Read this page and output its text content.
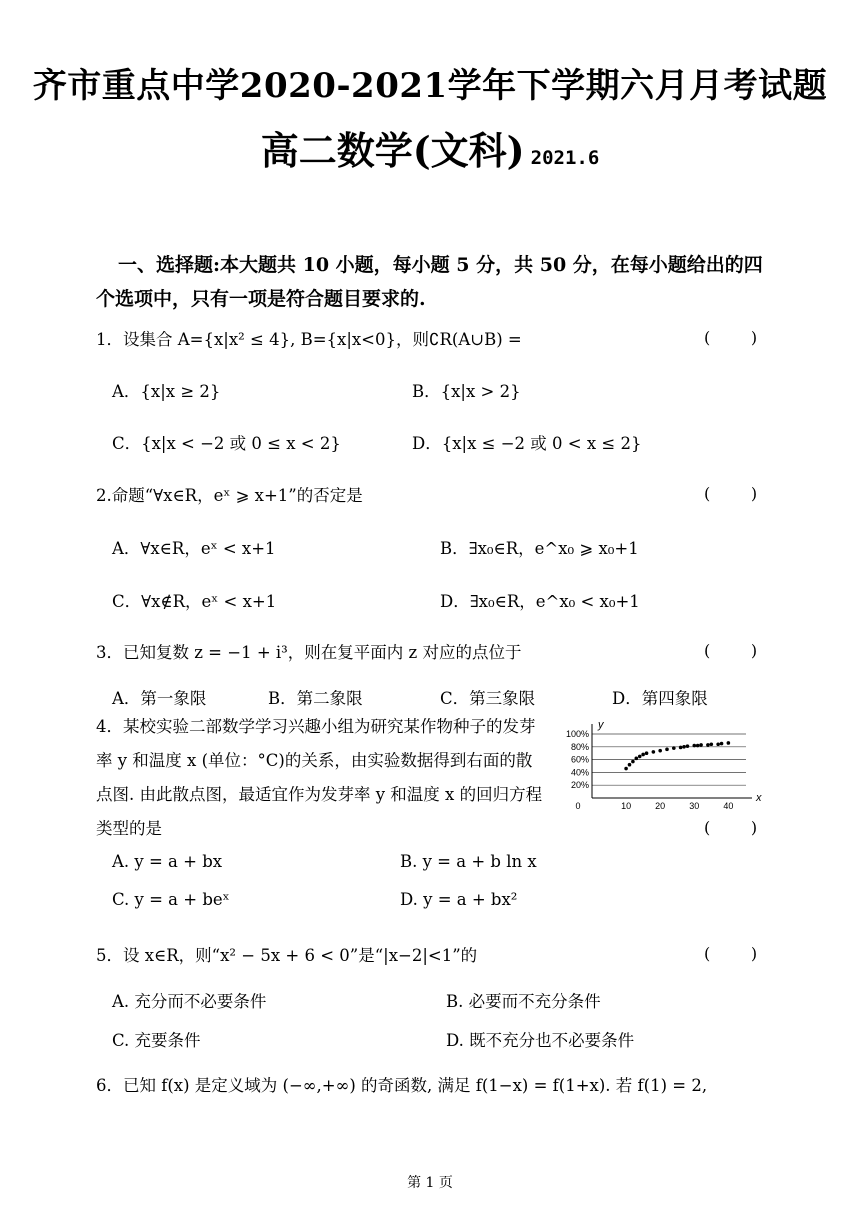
齐市重点中学2020-2021学年下学期六月月考试题
高二数学(文科) 2021.6
一、选择题:本大题共 10 小题，每小题 5 分，共 50 分，在每小题给出的四个选项中，只有一项是符合题目要求的.
1．设集合 A={x|x² ≤ 4}, B={x|x<0}，则∁R(A∪B) =	(        )
A．{x|x ≥ 2}	B．{x|x > 2}
C．{x|x < −2 或 0 ≤ x < 2}	D．{x|x ≤ −2 或 0 < x ≤ 2}
2.命题“∀x∈R，eˣ ⩾ x+1”的否定是	(        )
A．∀x∈R，eˣ < x+1	B．∃x₀∈R，e^x₀ ⩾ x₀+1
C．∀x∉R，eˣ < x+1	D．∃x₀∈R，e^x₀ < x₀+1
3．已知复数 z = −1 + i³，则在复平面内 z 对应的点位于	(        )
A．第一象限	B．第二象限	C．第三象限	D．第四象限
4．某校实验二部数学学习兴趣小组为研究某作物种子的发芽率 y 和温度 x (单位：°C)的关系，由实验数据得到右面的散点图. 由此散点图，最适宜作为发芽率 y 和温度 x 的回归方程类型的是	(        )
20%
40%
60%
80%
100%
0	10	20	30	40
x
y
A. y = a + bx	B. y = a + b ln x
C. y = a + beˣ	D. y = a + bx²
5．设 x∈R，则“x² − 5x + 6 < 0”是“|x−2|<1”的	(        )
A. 充分而不必要条件	B. 必要而不充分条件
C. 充要条件	D. 既不充分也不必要条件
6．已知 f(x) 是定义域为 (−∞,+∞) 的奇函数, 满足 f(1−x) = f(1+x). 若 f(1) = 2,
第 1 页
